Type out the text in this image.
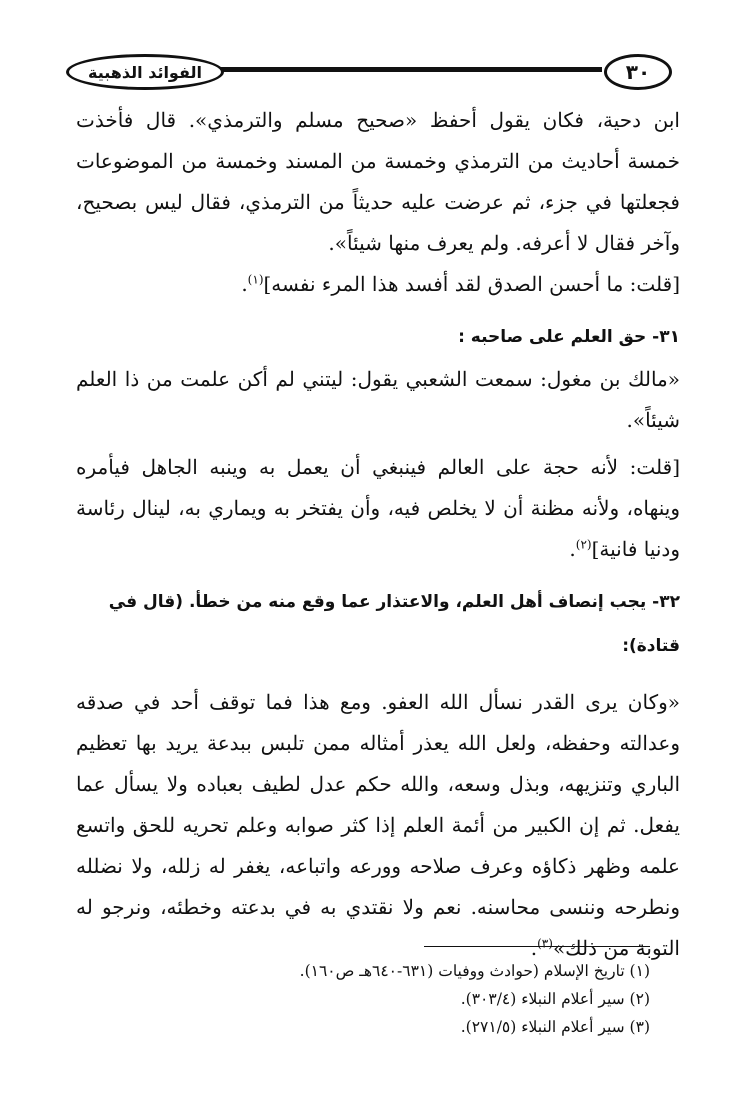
٣٠
الفوائد الذهبية

ابن دحية، فكان يقول أحفظ «صحيح مسلم والترمذي». قال فأخذت خمسة أحاديث من الترمذي وخمسة من المسند وخمسة من الموضوعات فجعلتها في جزء، ثم عرضت عليه حديثاً من الترمذي، فقال ليس بصحيح، وآخر فقال لا أعرفه. ولم يعرف منها شيئاً».

[قلت: ما أحسن الصدق لقد أفسد هذا المرء نفسه]$^{(١)}$.

٣١- حق العلم على صاحبه :

«مالك بن مغول: سمعت الشعبي يقول: ليتني لم أكن علمت من ذا العلم شيئاً».

[قلت: لأنه حجة على العالم فينبغي أن يعمل به وينبه الجاهل فيأمره وينهاه، ولأنه مظنة أن لا يخلص فيه، وأن يفتخر به ويماري به، لينال رئاسة ودنيا فانية]$^{(٢)}$.

٣٢- يجب إنصاف أهل العلم، والاعتذار عما وقع منه من خطأ. (قال في قتادة):

«وكان يرى القدر نسأل الله العفو. ومع هذا فما توقف أحد في صدقه وعدالته وحفظه، ولعل الله يعذر أمثاله ممن تلبس ببدعة يريد بها تعظيم الباري وتنزيهه، وبذل وسعه، والله حكم عدل لطيف بعباده ولا يسأل عما يفعل. ثم إن الكبير من أئمة العلم إذا كثر صوابه وعلم تحريه للحق واتسع علمه وظهر ذكاؤه وعرف صلاحه وورعه واتباعه، يغفر له زلله، ولا نضلله ونطرحه وننسى محاسنه. نعم ولا نقتدي به في بدعته وخطئه، ونرجو له التوبة من ذلك»$^{(٣)}$.

(١) تاريخ الإسلام (حوادث ووفيات (٦٣١-٦٤٠هـ ص١٦٠).

(٢) سير أعلام النبلاء (٣٠٣/٤).

(٣) سير أعلام النبلاء (٢٧١/٥).
